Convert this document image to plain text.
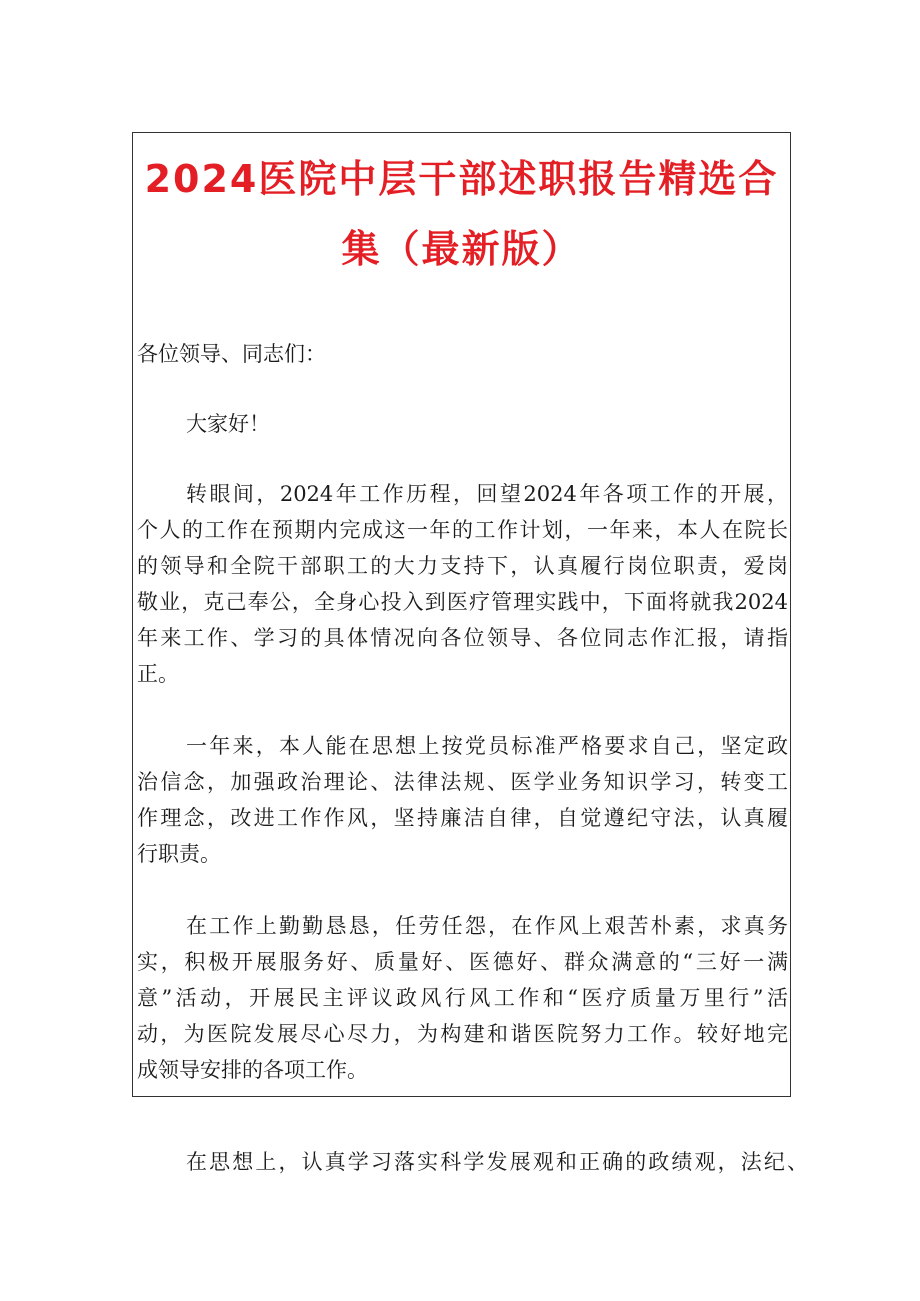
2024医院中层干部述职报告精选合
集（最新版）

各位领导、同志们：

大家好！

转眼间，2024年工作历程，回望2024年各项工作的开展，

个人的工作在预期内完成这一年的工作计划，一年来，本人在院长

的领导和全院干部职工的大力支持下，认真履行岗位职责，爱岗

敬业，克己奉公，全身心投入到医疗管理实践中，下面将就我2024

年来工作、学习的具体情况向各位领导、各位同志作汇报，请指

正。

一年来，本人能在思想上按党员标准严格要求自己，坚定政

治信念，加强政治理论、法律法规、医学业务知识学习，转变工

作理念，改进工作作风，坚持廉洁自律，自觉遵纪守法，认真履

行职责。

在工作上勤勤恳恳，任劳任怨，在作风上艰苦朴素，求真务

实，积极开展服务好、质量好、医德好、群众满意的“三好一满

意”活动，开展民主评议政风行风工作和“医疗质量万里行”活

动，为医院发展尽心尽力，为构建和谐医院努力工作。较好地完

成领导安排的各项工作。

在思想上，认真学习落实科学发展观和正确的政绩观，法纪、
